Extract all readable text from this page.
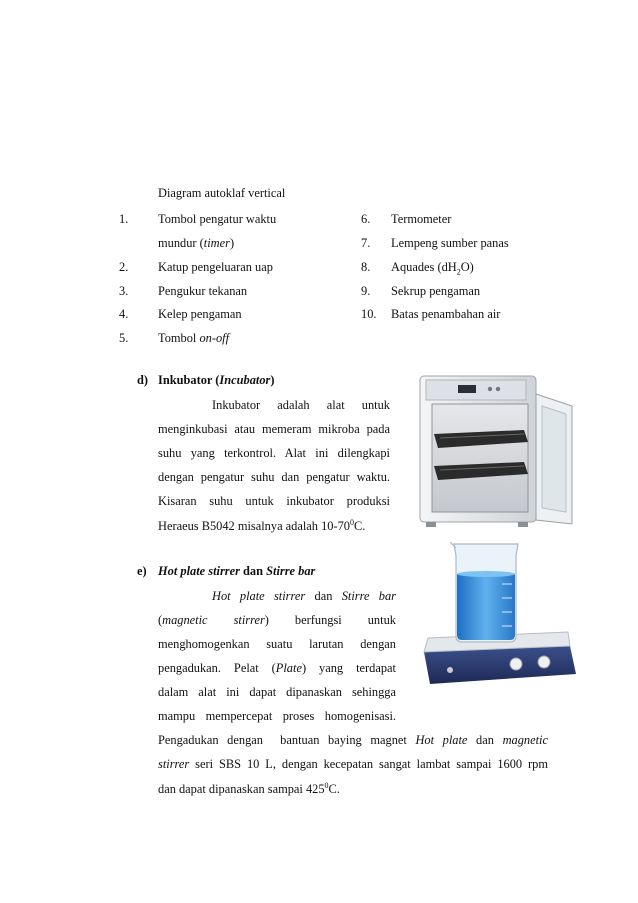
Diagram autoklaf vertical
1. Tombol pengatur waktu
mundur (timer)
2. Katup pengeluaran uap
3. Pengukur tekanan
4. Kelep pengaman
5. Tombol on-off
6. Termometer
7. Lempeng sumber panas
8. Aquades $(dH_2O)$
9. Sekrup pengaman
10. Batas penambahan air
d) Inkubator (Incubator)
Inkubator adalah alat untuk
menginkubasi atau memeram mikroba pada
suhu yang terkontrol. Alat ini dilengkapi
dengan pengatur suhu dan pengatur waktu.
Kisaran suhu untuk inkubator produksi
Heraeus B5042 misalnya adalah $10-70^0C$.
e) Hot plate stirrer dan Stirre bar
Hot plate stirrer dan Stirre bar
(magnetic stirrer) berfungsi untuk
menghomogenkan suatu larutan dengan
pengadukan. Pelat (Plate) yang terdapat
dalam alat ini dapat dipanaskan sehingga
mampu mempercepat proses homogenisasi.
Pengadukan dengan  bantuan baying magnet Hot plate dan magnetic
stirrer seri SBS 10 L, dengan kecepatan sangat lambat sampai 1600 rpm
dan dapat dipanaskan sampai $425^0C$.
